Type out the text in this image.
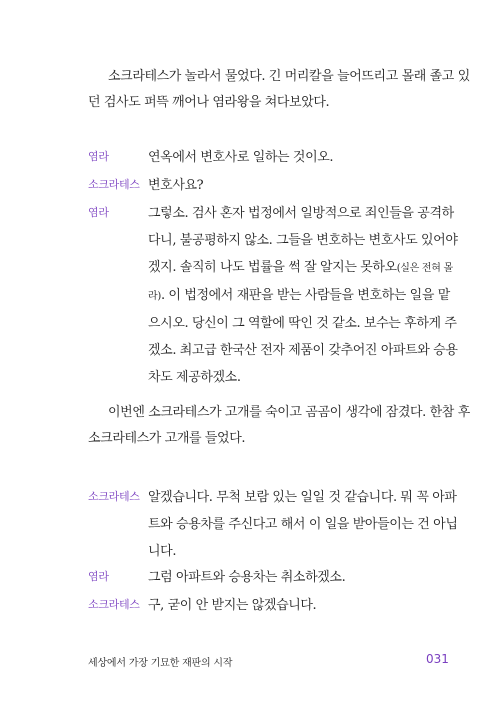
소크라테스가 놀라서 물었다. 긴 머리칼을 늘어뜨리고 몰래 졸고 있
던 검사도 퍼뜩 깨어나 염라왕을 쳐다보았다.
염라	연옥에서 변호사로 일하는 것이오.
소크라테스 변호사요?
염라	그렇소. 검사 혼자 법정에서 일방적으로 죄인들을 공격하
다니, 불공평하지 않소. 그들을 변호하는 변호사도 있어야
겠지. 솔직히 나도 법률을 썩 잘 알지는 못하오(실은 전혀 몰
라). 이 법정에서 재판을 받는 사람들을 변호하는 일을 맡
으시오. 당신이 그 역할에 딱인 것 같소. 보수는 후하게 주
겠소. 최고급 한국산 전자 제품이 갖추어진 아파트와 승용
차도 제공하겠소.
이번엔 소크라테스가 고개를 숙이고 곰곰이 생각에 잠겼다. 한참 후
소크라테스가 고개를 들었다.
소크라테스 알겠습니다. 무척 보람 있는 일일 것 같습니다. 뭐 꼭 아파
트와 승용차를 주신다고 해서 이 일을 받아들이는 건 아닙
니다.
염라	그럼 아파트와 승용차는 취소하겠소.
소크라테스 구, 굳이 안 받지는 않겠습니다.
세상에서 가장 기묘한 재판의 시작	031
